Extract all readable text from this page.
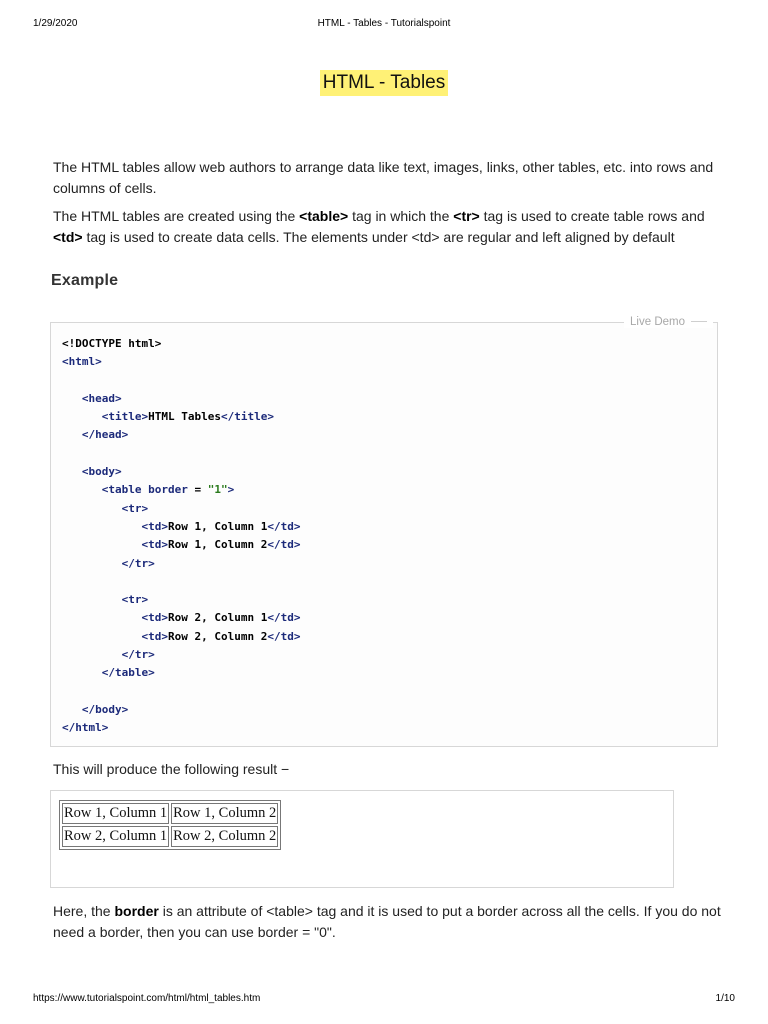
1/29/2020	HTML - Tables - Tutorialspoint
HTML - Tables
The HTML tables allow web authors to arrange data like text, images, links, other tables, etc. into rows and columns of cells.
The HTML tables are created using the <table> tag in which the <tr> tag is used to create table rows and <td> tag is used to create data cells. The elements under <td> are regular and left aligned by default
Example
Live Demo
<!DOCTYPE html>
<html>

<head>
<title>HTML Tables</title>
</head>

<body>
<table border = "1">
<tr>
<td>Row 1, Column 1</td>
<td>Row 1, Column 2</td>
</tr>

<tr>
<td>Row 2, Column 1</td>
<td>Row 2, Column 2</td>
</tr>
</table>

</body>
</html>
This will produce the following result −
Row 1, Column 1	Row 1, Column 2
Row 2, Column 1	Row 2, Column 2
Here, the border is an attribute of <table> tag and it is used to put a border across all the cells. If you do not need a border, then you can use border = "0".
https://www.tutorialspoint.com/html/html_tables.htm	1/10
